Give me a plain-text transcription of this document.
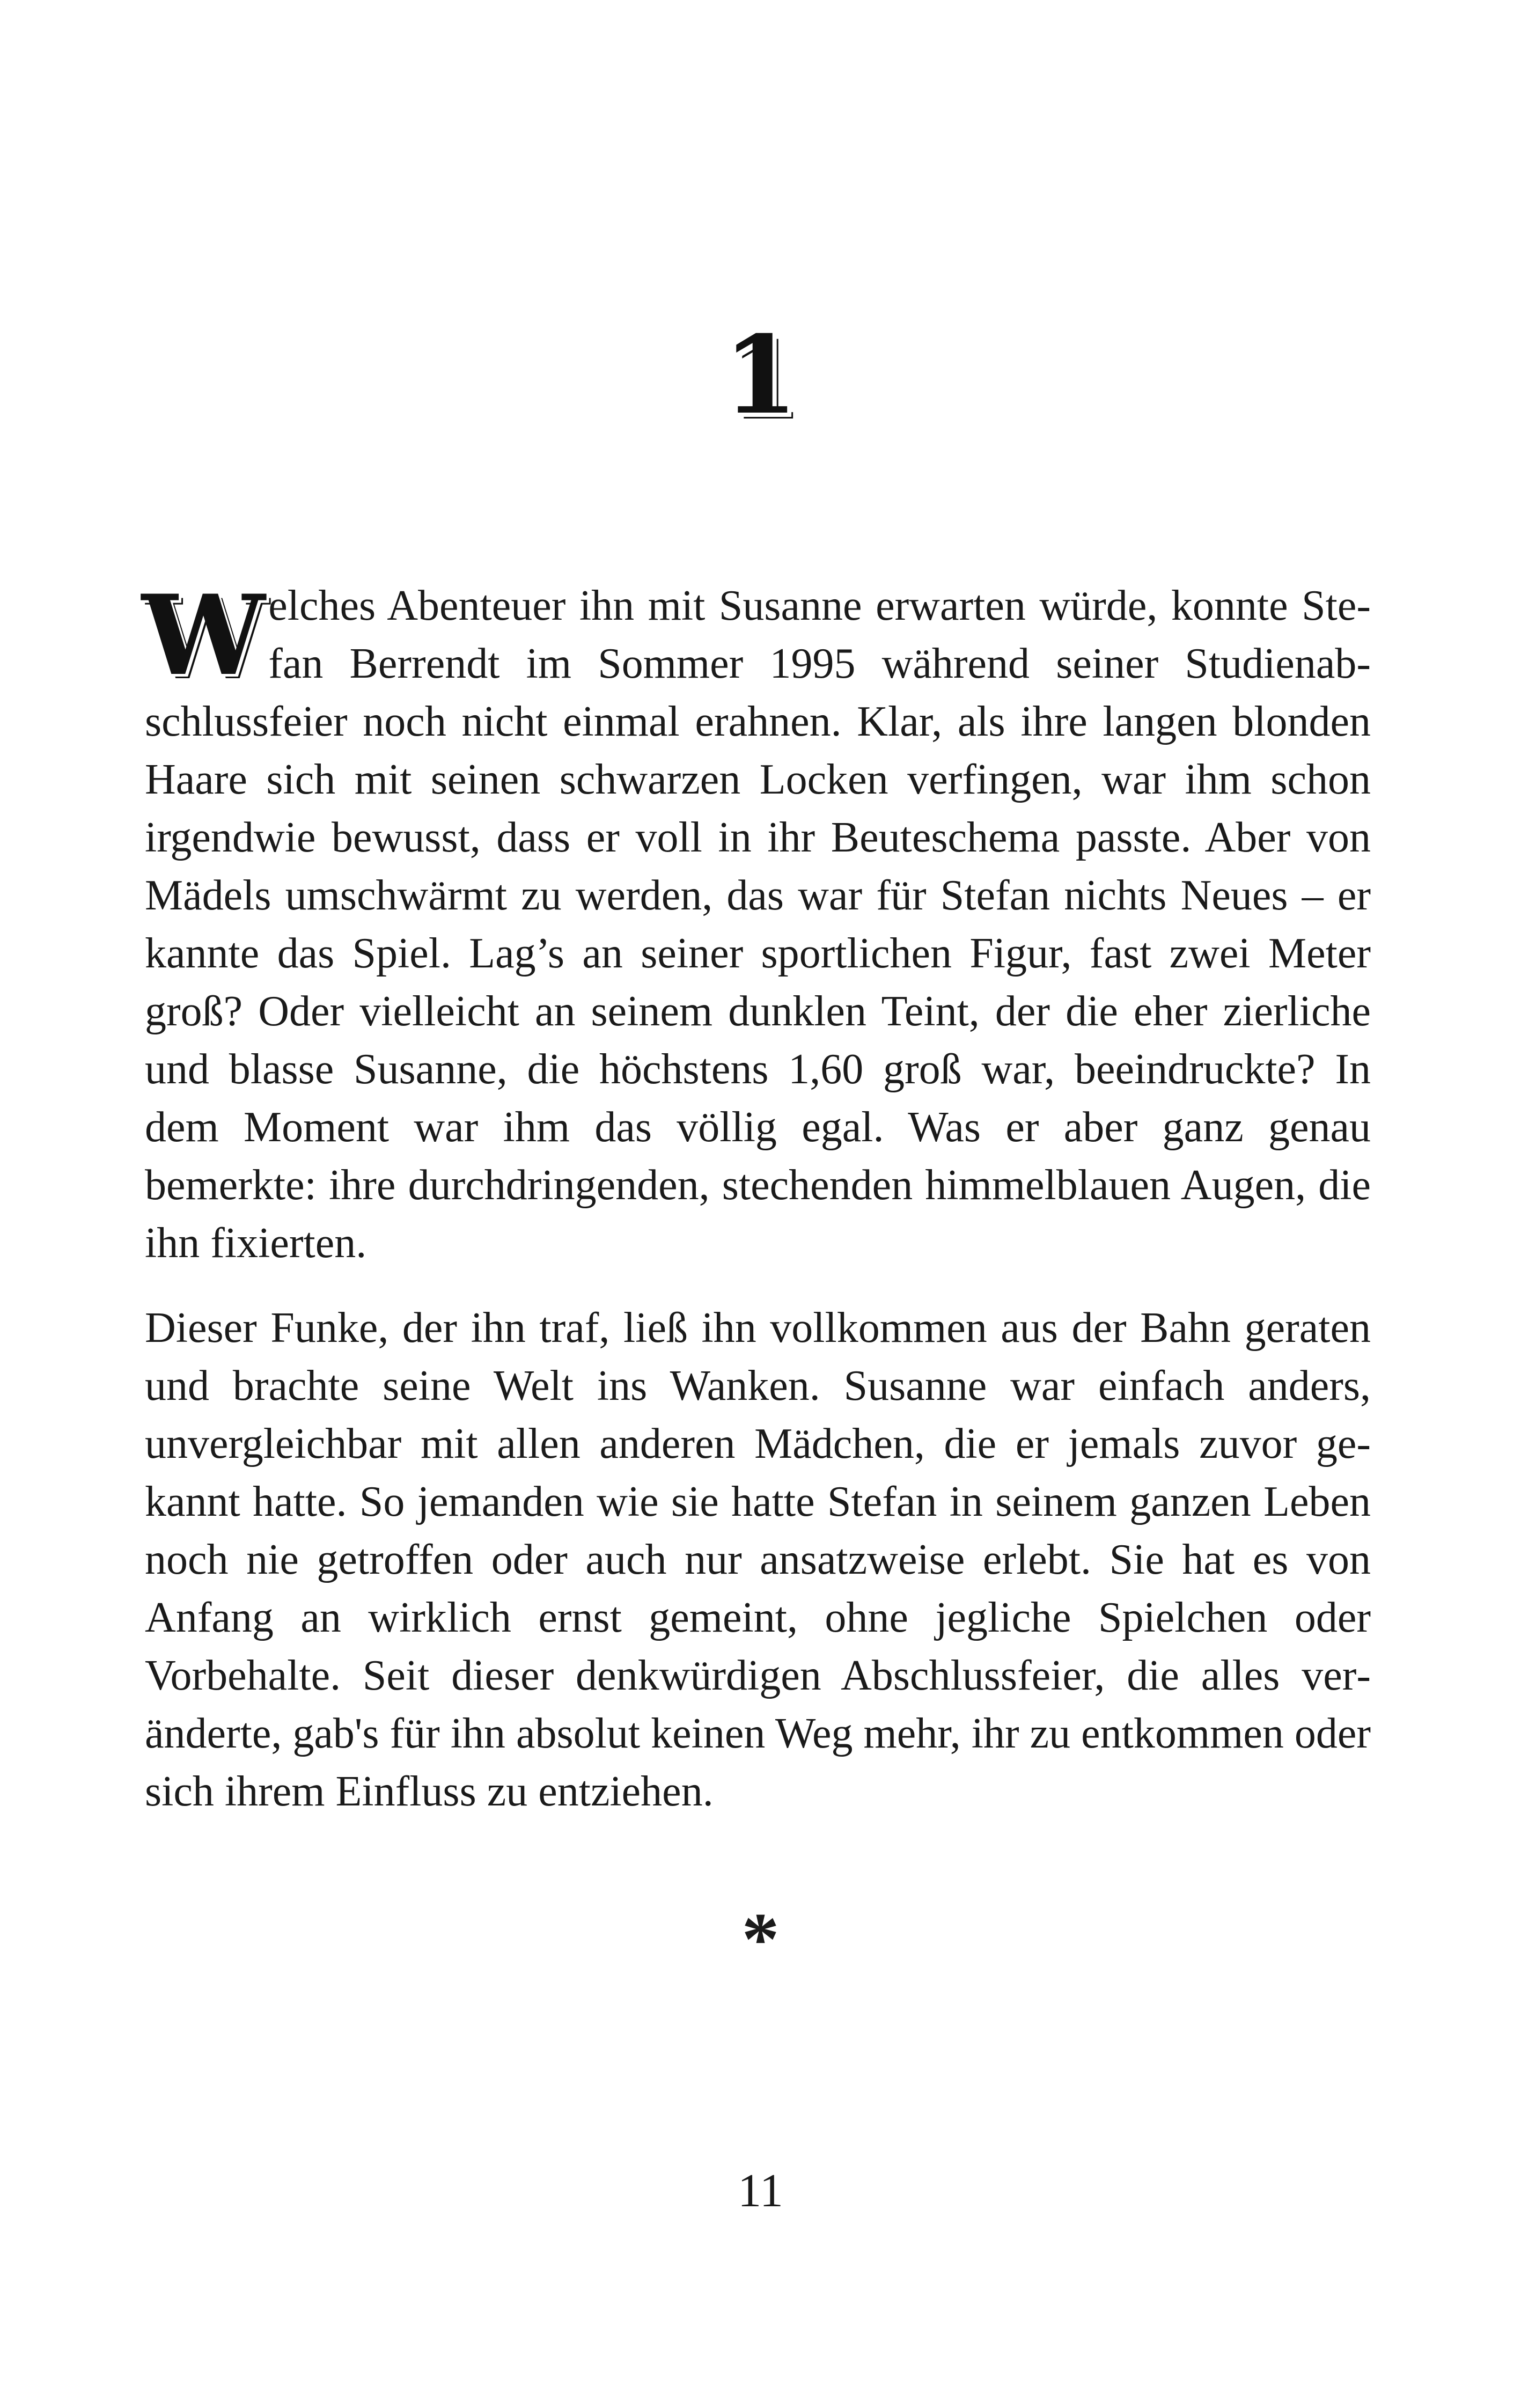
1

Welches Abenteuer ihn mit Susanne erwarten würde, konnte Stefan Berrendt im Sommer 1995 während seiner Studienabschlussfeier noch nicht einmal erahnen. Klar, als ihre langen blonden Haare sich mit seinen schwarzen Locken verfingen, war ihm schon irgendwie bewusst, dass er voll in ihr Beuteschema passte. Aber von Mädels umschwärmt zu werden, das war für Stefan nichts Neues – er kannte das Spiel. Lag’s an seiner sportlichen Figur, fast zwei Meter groß? Oder vielleicht an seinem dunklen Teint, der die eher zierliche und blasse Susanne, die höchstens 1,60 groß war, beeindruckte? In dem Moment war ihm das völlig egal. Was er aber ganz genau bemerkte: ihre durchdringenden, stechenden himmelblauen Augen, die ihn fixierten.

Dieser Funke, der ihn traf, ließ ihn vollkommen aus der Bahn geraten und brachte seine Welt ins Wanken. Susanne war einfach anders, unvergleichbar mit allen anderen Mädchen, die er jemals zuvor gekannt hatte. So jemanden wie sie hatte Stefan in seinem ganzen Leben noch nie getroffen oder auch nur ansatzweise erlebt. Sie hat es von Anfang an wirklich ernst gemeint, ohne jegliche Spielchen oder Vorbehalte. Seit dieser denkwürdigen Abschlussfeier, die alles veränderte, gab's für ihn absolut keinen Weg mehr, ihr zu entkommen oder sich ihrem Einfluss zu entziehen.

*
11
